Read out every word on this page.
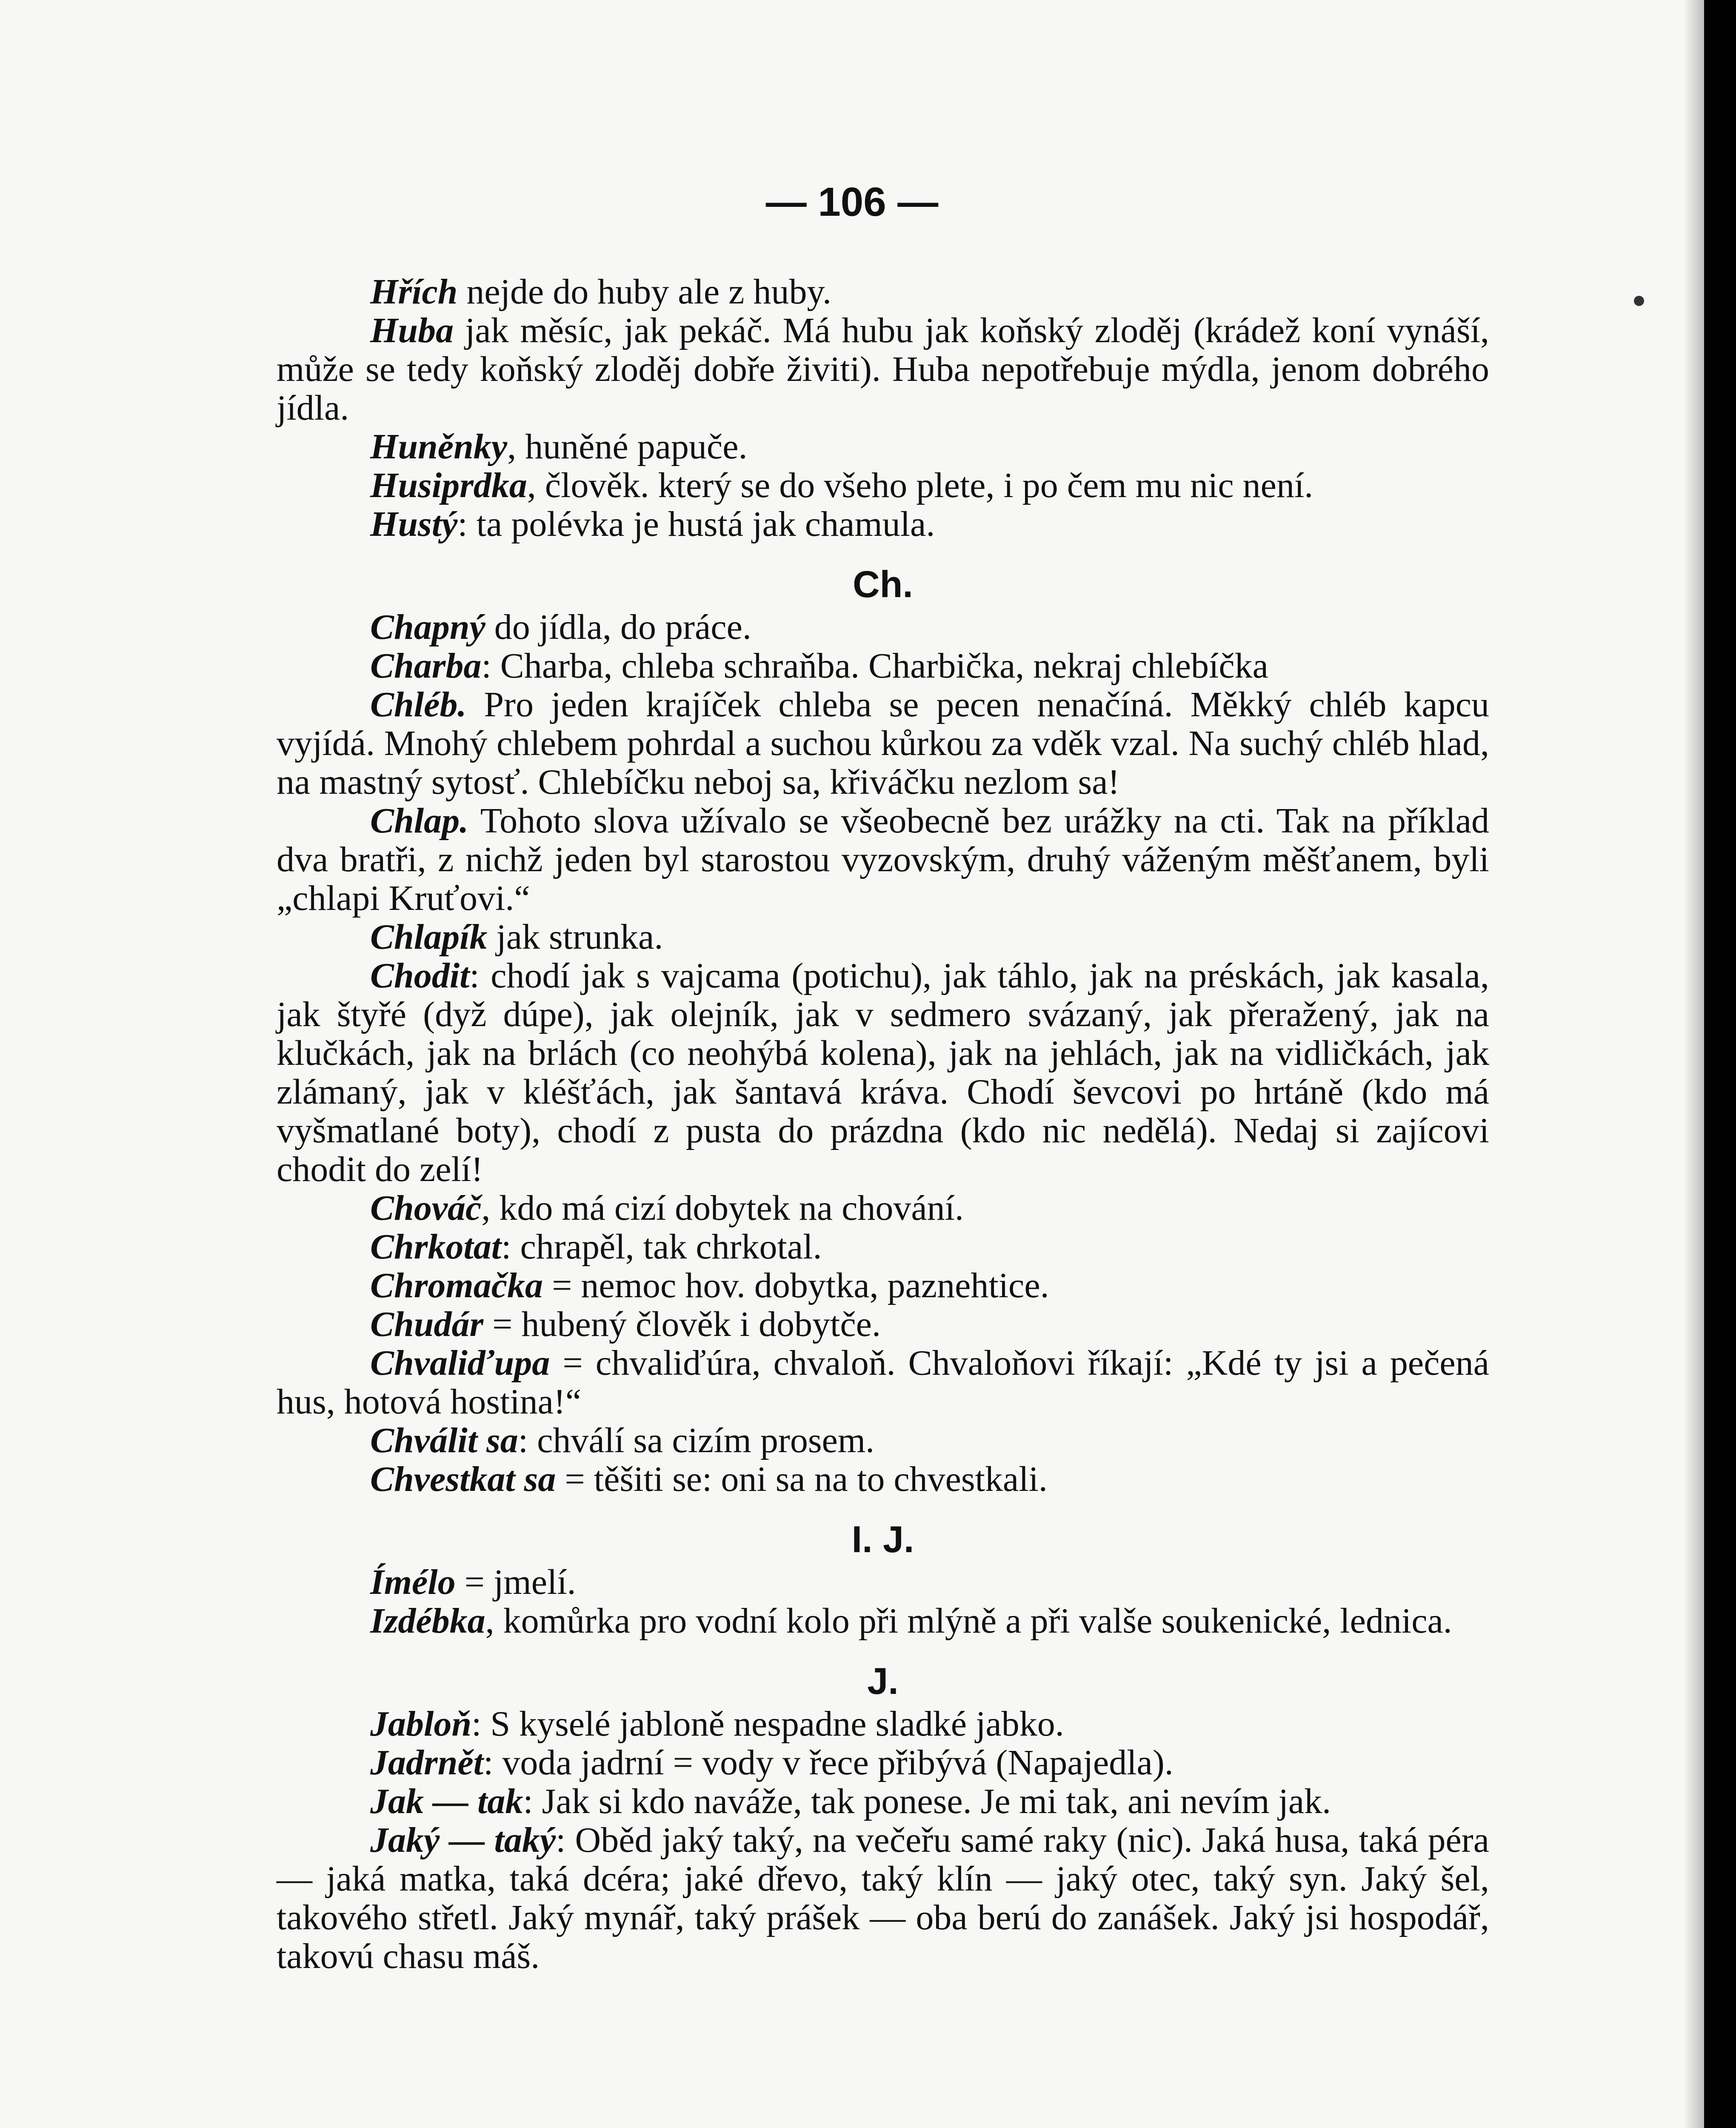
— 106 —

Hřích nejde do huby ale z huby.

Huba jak měsíc, jak pekáč. Má hubu jak koňský zloděj (krádež koní vynáší, může se tedy koňský zloděj dobře živiti). Huba nepotřebuje mýdla, jenom dobrého jídla.

Huněnky, huněné papuče.

Husiprdka, člověk. který se do všeho plete, i po čem mu nic není.

Hustý: ta polévka je hustá jak chamula.

Ch.

Chapný do jídla, do práce.

Charba: Charba, chleba schraňba. Charbička, nekraj chlebíčka

Chléb. Pro jeden krajíček chleba se pecen nenačíná. Měkký chléb kapcu vyjídá. Mnohý chlebem pohrdal a suchou kůrkou za vděk vzal. Na suchý chléb hlad, na mastný sytosť. Chlebíčku neboj sa, křiváčku nezlom sa!

Chlap. Tohoto slova užívalo se všeobecně bez urážky na cti. Tak na příklad dva bratři, z nichž jeden byl starostou vyzovským, druhý váženým měšťanem, byli „chlapi Kruťovi.“

Chlapík jak strunka.

Chodit: chodí jak s vajcama (potichu), jak táhlo, jak na préskách, jak kasala, jak štyřé (dyž dúpe), jak olejník, jak v sedmero svázaný, jak přeražený, jak na klučkách, jak na brlách (co neohýbá kolena), jak na jehlách, jak na vidličkách, jak zlámaný, jak v kléšťách, jak šantavá kráva. Chodí ševcovi po hrtáně (kdo má vyšmatlané boty), chodí z pusta do prázdna (kdo nic nedělá). Nedaj si zajícovi chodit do zelí!

Chováč, kdo má cizí dobytek na chování.

Chrkotat: chrapěl, tak chrkotal.

Chromačka = nemoc hov. dobytka, paznehtice.

Chudár = hubený člověk i dobytče.

Chvaliďupa = chvaliďúra, chvaloň. Chvaloňovi říkají: „Kdé ty jsi a pečená hus, hotová hostina!“

Chválit sa: chválí sa cizím prosem.

Chvestkat sa = těšiti se: oni sa na to chvestkali.

I. J.

Ímélo = jmelí.

Izdébka, komůrka pro vodní kolo při mlýně a při valše soukenické, lednica.

J.

Jabloň: S kyselé jabloně nespadne sladké jabko.

Jadrnět: voda jadrní = vody v řece přibývá (Napajedla).

Jak — tak: Jak si kdo naváže, tak ponese. Je mi tak, ani nevím jak.

Jaký — taký: Oběd jaký taký, na večeřu samé raky (nic). Jaká husa, taká péra — jaká matka, taká dcéra; jaké dřevo, taký klín — jaký otec, taký syn. Jaký šel, takového střetl. Jaký mynář, taký prášek — oba berú do zanášek. Jaký jsi hospodář, takovú chasu máš.
